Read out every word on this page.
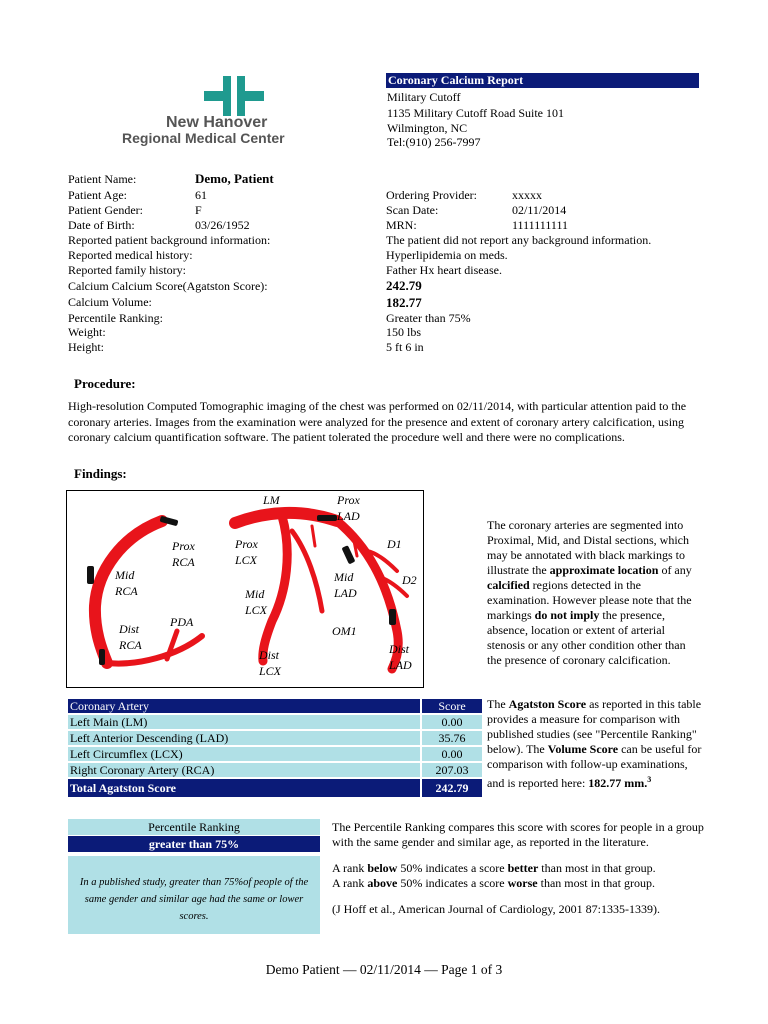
New Hanover
Regional Medical Center
Coronary Calcium Report
Military Cutoff
1135 Military Cutoff Road Suite 101
Wilmington, NC
Tel:(910) 256-7997
Patient Name:	Demo, Patient
Patient Age:	61
Patient Gender:	F
Date of Birth:	03/26/1952
Ordering Provider:	xxxxx
Scan Date:	02/11/2014
MRN:	1111111111
Reported patient background information:	The patient did not report any background information.
Reported medical history:	Hyperlipidemia on meds.
Reported family history:	Father Hx heart disease.
Calcium Calcium Score(Agatston Score):	242.79
Calcium Volume:	182.77
Percentile Ranking:	Greater than 75%
Weight:	150 lbs
Height:	5 ft 6 in
Procedure:
High-resolution Computed Tomographic imaging of the chest was performed on 02/11/2014, with particular attention paid to the coronary arteries. Images from the examination were analyzed for the presence and extent of coronary artery calcification, using coronary calcium quantification software. The patient tolerated the procedure well and there were no complications.
Findings:
LM	Prox
LAD
Prox
RCA
Prox
LCX
D1
D2
Mid
RCA
Mid
LAD
Mid
LCX
PDA
OM1
Dist
RCA
Dist
LCX
Dist
LAD
The coronary arteries are segmented into Proximal, Mid, and Distal sections, which may be annotated with black markings to illustrate the approximate location of any calcified regions detected in the examination. However please note that the markings do not imply the presence, absence, location or extent of arterial stenosis or any other condition other than the presence of coronary calcification.
Coronary Artery	Score
Left Main (LM)	0.00
Left Anterior Descending (LAD)	35.76
Left Circumflex (LCX)	0.00
Right Coronary Artery (RCA)	207.03
Total Agatston Score	242.79
The Agatston Score as reported in this table provides a measure for comparison with published studies (see "Percentile Ranking" below). The Volume Score can be useful for comparison with follow-up examinations, and is reported here: 182.77 mm.$^3$
Percentile Ranking
greater than 75%
In a published study, greater than 75%of people of the same gender and similar age had the same or lower scores.
The Percentile Ranking compares this score with scores for people in a group with the same gender and similar age, as reported in the literature.
A rank below 50% indicates a score better than most in that group.
A rank above 50% indicates a score worse than most in that group.
(J Hoff et al., American Journal of Cardiology, 2001 87:1335-1339).
Demo Patient — 02/11/2014 — Page 1 of 3
